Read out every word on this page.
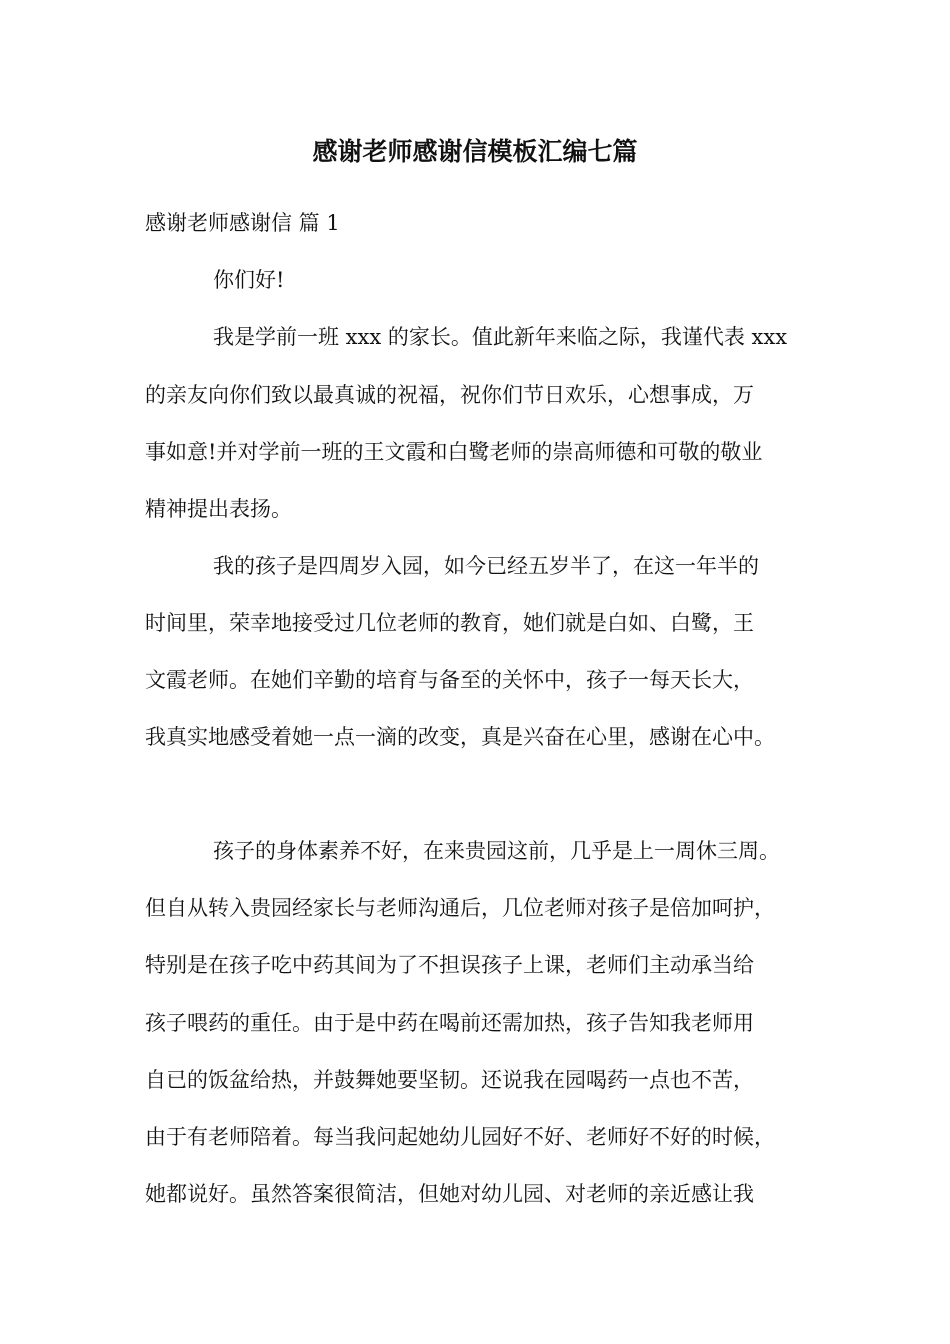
感谢老师感谢信模板汇编七篇

感谢老师感谢信 篇 1

你们好!

我是学前一班 xxx 的家长。值此新年来临之际，我谨代表 xxx

的亲友向你们致以最真诚的祝福，祝你们节日欢乐，心想事成，万

事如意!并对学前一班的王文霞和白鹭老师的崇高师德和可敬的敬业

精神提出表扬。

我的孩子是四周岁入园，如今已经五岁半了，在这一年半的

时间里，荣幸地接受过几位老师的教育，她们就是白如、白鹭，王

文霞老师。在她们辛勤的培育与备至的关怀中，孩子一每天长大，

我真实地感受着她一点一滴的改变，真是兴奋在心里，感谢在心中。

孩子的身体素养不好，在来贵园这前，几乎是上一周休三周。

但自从转入贵园经家长与老师沟通后，几位老师对孩子是倍加呵护，

特别是在孩子吃中药其间为了不担误孩子上课，老师们主动承当给

孩子喂药的重任。由于是中药在喝前还需加热，孩子告知我老师用

自已的饭盆给热，并鼓舞她要坚韧。还说我在园喝药一点也不苦，

由于有老师陪着。每当我问起她幼儿园好不好、老师好不好的时候，

她都说好。虽然答案很简洁，但她对幼儿园、对老师的亲近感让我
